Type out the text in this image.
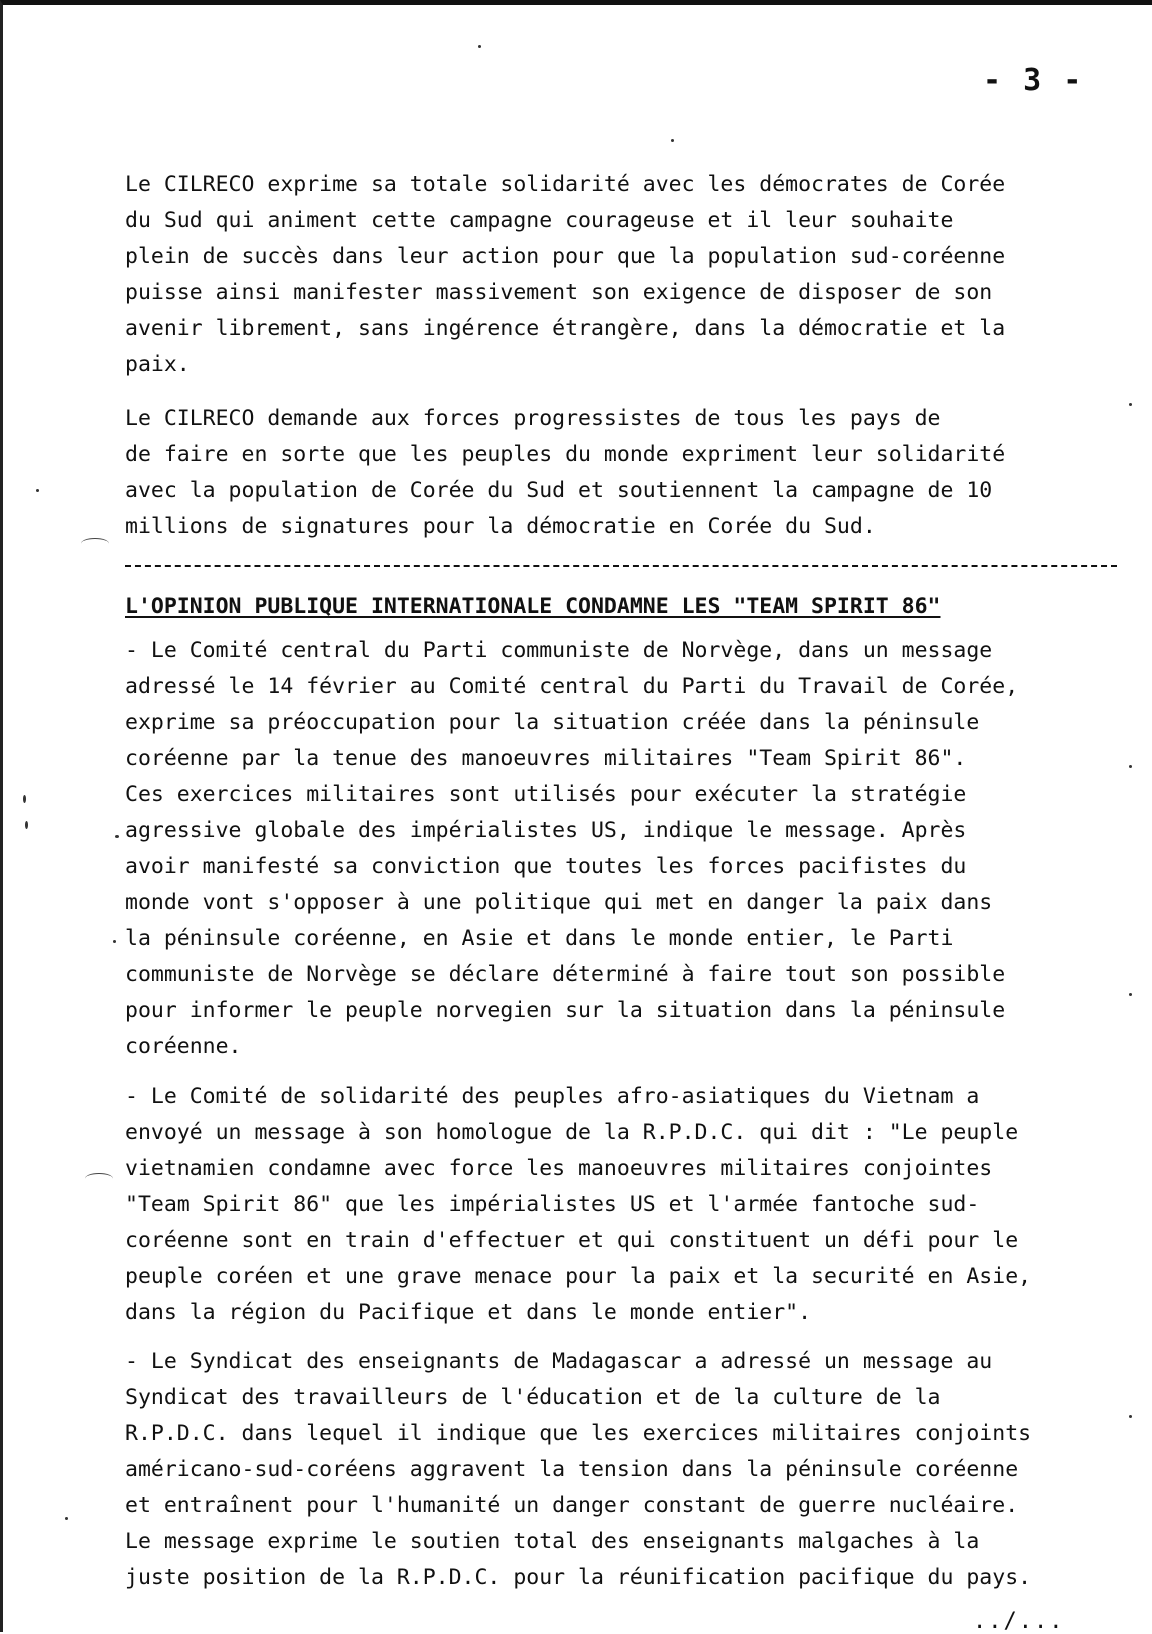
- 3 -

Le CILRECO exprime sa totale solidarité avec les démocrates de Corée
du Sud qui animent cette campagne courageuse et il leur souhaite
plein de succès dans leur action pour que la population sud-coréenne
puisse ainsi manifester massivement son exigence de disposer de son
avenir librement, sans ingérence étrangère, dans la démocratie et la
paix.

Le CILRECO demande aux forces progressistes de tous les pays de
de faire en sorte que les peuples du monde expriment leur solidarité
avec la population de Corée du Sud et soutiennent la campagne de 10
millions de signatures pour la démocratie en Corée du Sud.

L'OPINION PUBLIQUE INTERNATIONALE CONDAMNE LES "TEAM SPIRIT 86"

- Le Comité central du Parti communiste de Norvège, dans un message
adressé le 14 février au Comité central du Parti du Travail de Corée,
exprime sa préoccupation pour la situation créée dans la péninsule
coréenne par la tenue des manoeuvres militaires "Team Spirit 86".
Ces exercices militaires sont utilisés pour exécuter la stratégie
agressive globale des impérialistes US, indique le message. Après
avoir manifesté sa conviction que toutes les forces pacifistes du
monde vont s'opposer à une politique qui met en danger la paix dans
la péninsule coréenne, en Asie et dans le monde entier, le Parti
communiste de Norvège se déclare déterminé à faire tout son possible
pour informer le peuple norvegien sur la situation dans la péninsule
coréenne.

- Le Comité de solidarité des peuples afro-asiatiques du Vietnam a
envoyé un message à son homologue de la R.P.D.C. qui dit : "Le peuple
vietnamien condamne avec force les manoeuvres militaires conjointes
"Team Spirit 86" que les impérialistes US et l'armée fantoche sud-
coréenne sont en train d'effectuer et qui constituent un défi pour le
peuple coréen et une grave menace pour la paix et la securité en Asie,
dans la région du Pacifique et dans le monde entier".

- Le Syndicat des enseignants de Madagascar a adressé un message au
Syndicat des travailleurs de l'éducation et de la culture de la
R.P.D.C. dans lequel il indique que les exercices militaires conjoints
américano-sud-coréens aggravent la tension dans la péninsule coréenne
et entraînent pour l'humanité un danger constant de guerre nucléaire.
Le message exprime le soutien total des enseignants malgaches à la
juste position de la R.P.D.C. pour la réunification pacifique du pays.

../...
